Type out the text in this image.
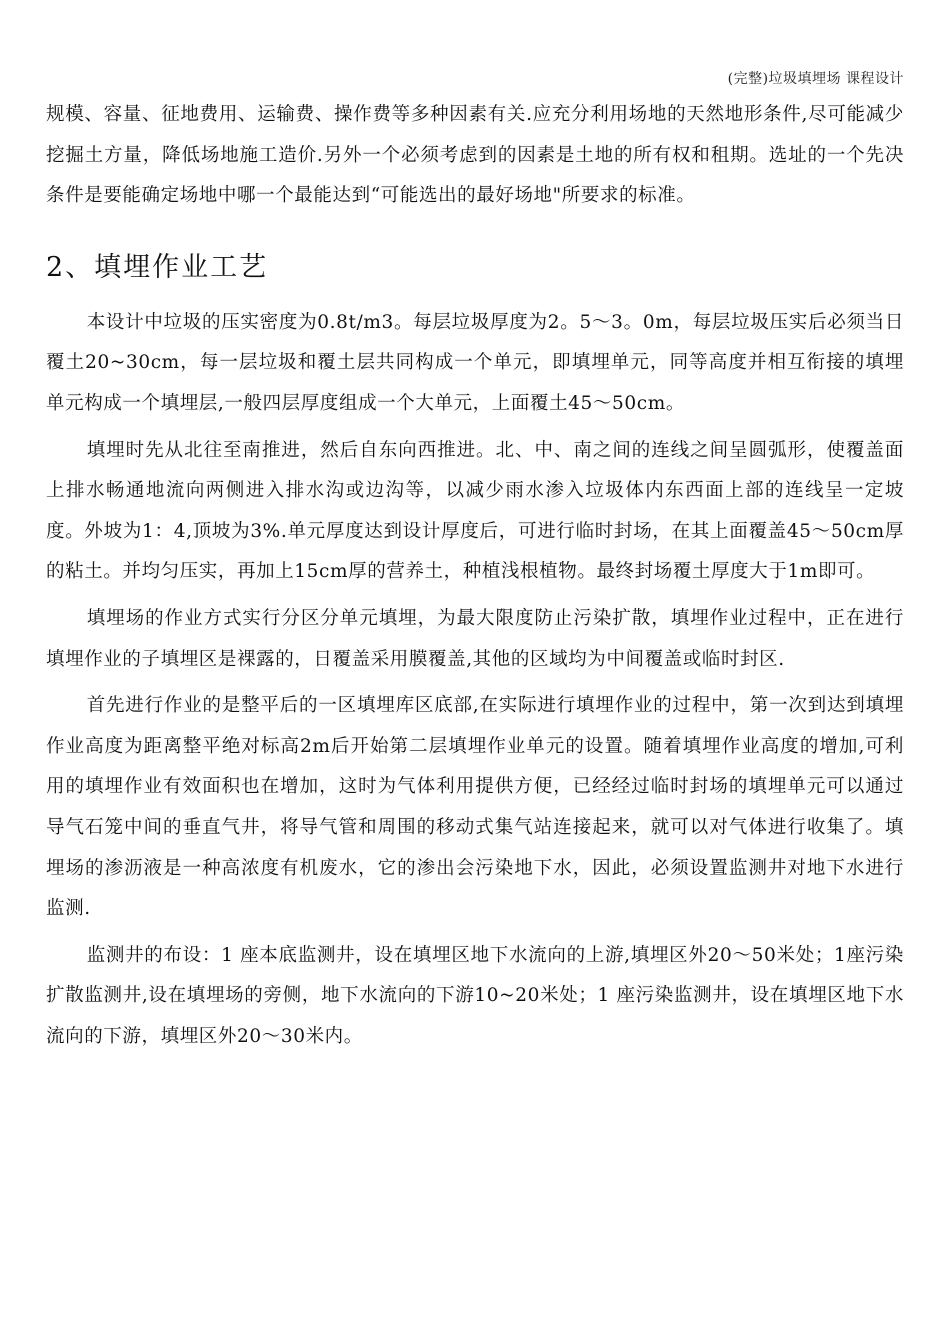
(完整)垃圾填埋场 课程设计

规模、容量、征地费用、运输费、操作费等多种因素有关.应充分利用场地的天然地形条件,尽可能减少挖掘土方量，降低场地施工造价.另外一个必须考虑到的因素是土地的所有权和租期。选址的一个先决条件是要能确定场地中哪一个最能达到“可能选出的最好场地"所要求的标准。

2、填埋作业工艺

本设计中垃圾的压实密度为0.8t/m3。每层垃圾厚度为2。5～3。0m，每层垃圾压实后必须当日覆土20~30cm，每一层垃圾和覆土层共同构成一个单元，即填埋单元，同等高度并相互衔接的填埋单元构成一个填埋层,一般四层厚度组成一个大单元，上面覆土45～50cm。

填埋时先从北往至南推进，然后自东向西推进。北、中、南之间的连线之间呈圆弧形，使覆盖面上排水畅通地流向两侧进入排水沟或边沟等，以减少雨水渗入垃圾体内东西面上部的连线呈一定坡度。外坡为1：4,顶坡为3%.单元厚度达到设计厚度后，可进行临时封场，在其上面覆盖45～50cm厚的粘土。并均匀压实，再加上15cm厚的营养土，种植浅根植物。最终封场覆土厚度大于1m即可。

填埋场的作业方式实行分区分单元填埋，为最大限度防止污染扩散，填埋作业过程中，正在进行填埋作业的子填埋区是裸露的，日覆盖采用膜覆盖,其他的区域均为中间覆盖或临时封区.

首先进行作业的是整平后的一区填埋库区底部,在实际进行填埋作业的过程中，第一次到达到填埋作业高度为距离整平绝对标高2m后开始第二层填埋作业单元的设置。随着填埋作业高度的增加,可利用的填埋作业有效面积也在增加，这时为气体利用提供方便，已经经过临时封场的填埋单元可以通过导气石笼中间的垂直气井，将导气管和周围的移动式集气站连接起来，就可以对气体进行收集了。填埋场的渗沥液是一种高浓度有机废水，它的渗出会污染地下水，因此，必须设置监测井对地下水进行监测.

监测井的布设：1 座本底监测井，设在填埋区地下水流向的上游,填埋区外20～50米处；1座污染扩散监测井,设在填埋场的旁侧，地下水流向的下游10~20米处；1 座污染监测井，设在填埋区地下水流向的下游，填埋区外20～30米内。
